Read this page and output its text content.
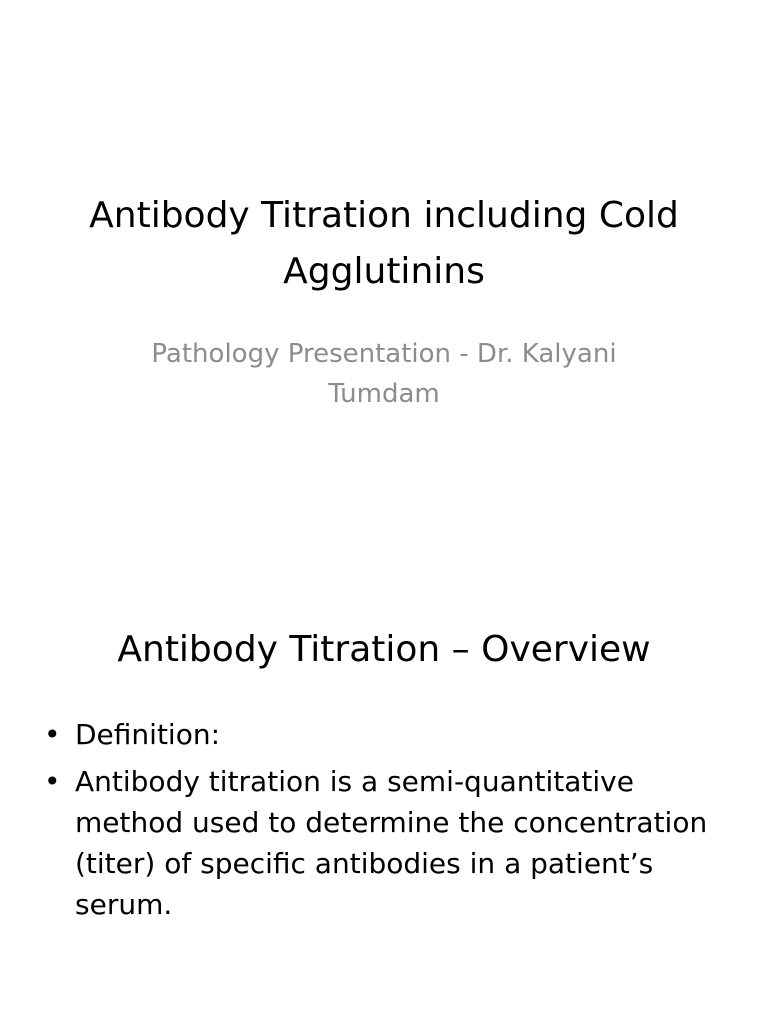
Antibody Titration including Cold Agglutinins

Pathology Presentation - Dr. Kalyani Tumdam

Antibody Titration – Overview
• Definition:
• Antibody titration is a semi-quantitative method used to determine the concentration (titer) of specific antibodies in a patient’s serum.
